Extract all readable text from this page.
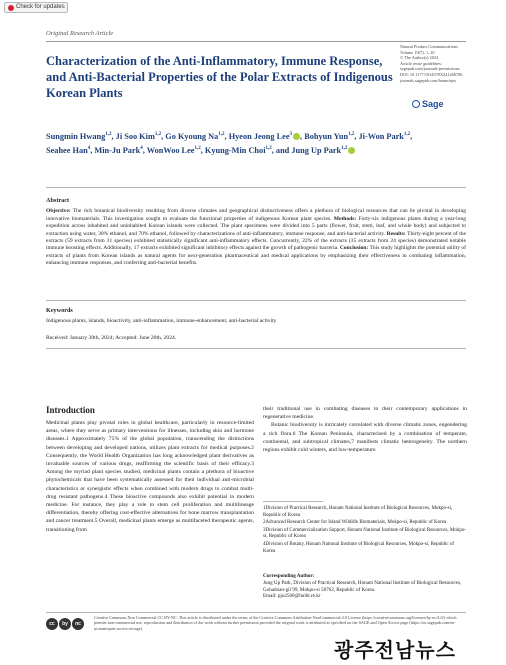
Check for updates
Original Research Article
Natural Product Communications
Volume 19(7): 1–10
© The Author(s) 2024
Article reuse guidelines:
sagepub.com/journals-permissions
DOI: 10.1177/1934578X241266706
journals.sagepub.com/home/npx
Sage
Characterization of the Anti-Inflammatory, Immune Response, and Anti-Bacterial Properties of the Polar Extracts of Indigenous Korean Plants
Sungmin Hwang$^{1,2}$, Ji Soo Kim$^{1,2}$, Go Kyoung Na$^{1,2}$, Hyeon Jeong Lee$^3$ , Bohyun Yun$^{1,2}$, Ji-Won Park$^{1,2}$, Seahee Han$^4$, Min-Ju Park$^4$, WonWoo Lee$^{1,2}$, Kyung-Min Choi$^{1,2}$, and Jung Up Park$^{1,2}$
Abstract
Objective: The rich botanical biodiversity resulting from diverse climates and geographical distinctiveness offers a plethora of biological resources that can be pivotal in developing innovative biomaterials. This investigation sought to evaluate the functional properties of indigenous Korean plant species. Methods: Forty-six indigenous plants during a year-long expedition across inhabited and uninhabited Korean islands were collected. The plant specimens were divided into 5 parts (flower, fruit, stem, leaf, and whole body) and subjected to extraction using water, 30% ethanol, and 70% ethanol, followed by characterizations of anti-inflammatory, immune response, and anti-bacterial activity. Results: Thirty-eight percent of the extracts (59 extracts from 31 species) exhibited statistically significant anti-inflammatory effects. Concurrently, 22% of the extracts (35 extracts from 24 species) demonstrated notable immune boosting effects. Additionally, 17 extracts exhibited significant inhibitory effects against the growth of pathogenic bacteria. Conclusion: This study highlights the potential utility of extracts of plants from Korean islands as natural agents for next-generation pharmaceutical and medical applications by emphasizing their effectiveness in combating inflammation, enhancing immune responses, and conferring anti-bacterial benefits.
Keywords
Indigenous plants, islands, bioactivity, anti-inflammation, immune-enhancement, anti-bacterial activity
Received: January 30th, 2024; Accepted: June 20th, 2024.
Introduction

Medicinal plants play pivotal roles in global healthcare, particularly in resource-limited areas, where they serve as primary interventions for illnesses, including skin and hormone diseases.1 Approximately 75% of the global population, transcending the distinctions between developing and developed nations, utilizes plant extracts for medical purposes.2 Consequently, the World Health Organization has long acknowledged plant derivatives as invaluable sources of various drugs, reaffirming the scientific basis of their efficacy.3 Among the myriad plant species studied, medicinal plants contain a plethora of bioactive phytochemicals that have been systematically assessed for their individual anti-microbial characteristics or synergistic effects when combined with modern drugs to combat multi-drug resistant pathogens.4 These bioactive compounds also exhibit potential in modern medicine. For instance, they play a role in stem cell proliferation and multilineage differentiation, thereby offering cost-effective alternatives for bone marrow transplantation and cancer treatment.5 Overall, medicinal plants emerge as multifaceted therapeutic agents, transitioning from

their traditional use in combating diseases to their contemporary applications in regenerative medicine.

Botanic biodiversity is intricately correlated with diverse climatic zones, engendering a rich flora.6 The Korean Peninsula, characterized by a combination of temperate, continental, and subtropical climates,7 manifests climatic heterogeneity. The northern regions exhibit cold winters, and low-temperature

1Division of Practical Research, Honam National Institute of Biological Resources, Mokpo-si, Republic of Korea
2Advanced Research Center for Island Wildlife Biomaterials, Mokpo-si, Republic of Korea
3Division of Commercialization Support, Honam National Institute of Biological Resources, Mokpo-si, Republic of Korea
4Division of Botany, Honam National Institute of Biological Resources, Mokpo-si, Republic of Korea
Corresponding Author:
Jung Up Park, Division of Practical Research, Honam National Institute of Biological Resources, Gohadoan-gil 99, Mokpo-si 58762, Republic of Korea.
Email: pju2560@hnibr.re.kr
cc	by	nc
Creative Commons Non Commercial CC BY-NC: This article is distributed under the terms of the Creative Commons Attribution-NonCommercial 4.0 License (https://creativecommons.org/licenses/by-nc/4.0/) which permits non-commercial use, reproduction and distribution of the work without further permission provided the original work is attributed as specified on the SAGE and Open Access page (https://us.sagepub.com/en-us/nam/open-access-at-sage).
광주전남뉴스
